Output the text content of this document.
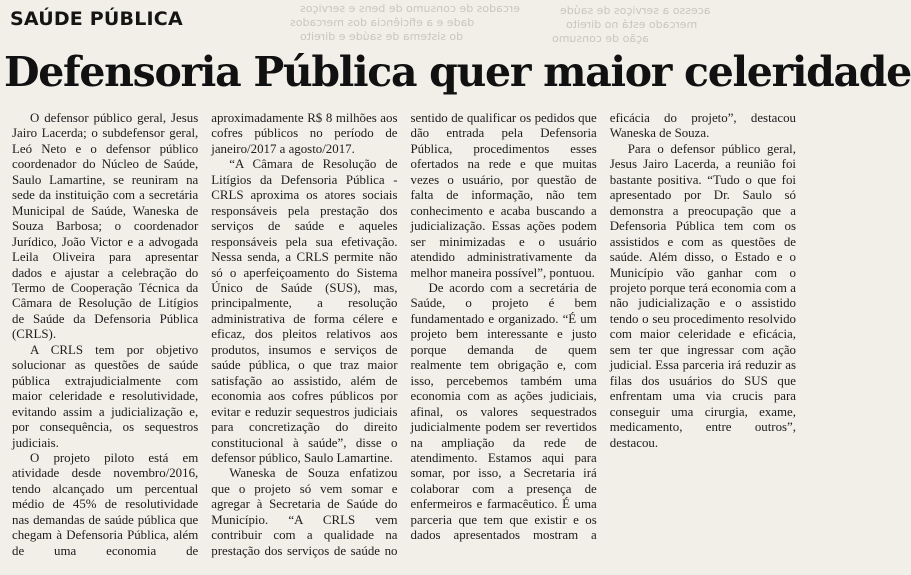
ercados de consumo de bens e serviços
dade e a eficiência dos mercados
do sistema de saúde e direito
acesso a serviços de saúde
mercado está no direito
ação de consumo
SAÚDE PÚBLICA
Defensoria Pública quer maior celeridade

O defensor público geral, Jesus Jairo Lacerda; o subdefensor geral, Leó Neto e o defensor público coordenador do Núcleo de Saúde, Saulo Lamartine, se reuniram na sede da instituição com a secretária Municipal de Saúde, Waneska de Souza Barbosa; o coordenador Jurídico, João Victor e a advogada Leila Oliveira para apresentar dados e ajustar a celebração do Termo de Cooperação Técnica da Câmara de Resolução de Litígios de Saúde da Defensoria Pública (CRLS).

A CRLS tem por objetivo solucionar as questões de saúde pública extrajudicialmente com maior celeridade e resolutividade, evitando assim a judicialização e, por consequência, os sequestros judiciais.

O projeto piloto está em atividade desde novembro/2016, tendo alcançado um percentual médio de 45% de resolutividade nas demandas de saúde pública que chegam à Defensoria Pública, além de uma economia de aproximadamente R$ 8 milhões aos cofres públicos no período de janeiro/2017 a agosto/2017.

“A Câmara de Resolução de Litígios da Defensoria Pública - CRLS aproxima os atores sociais responsáveis pela prestação dos serviços de saúde e aqueles responsáveis pela sua efetivação. Nessa senda, a CRLS permite não só o aperfeiçoamento do Sistema Único de Saúde (SUS), mas, principalmente, a resolução administrativa de forma célere e eficaz, dos pleitos relativos aos produtos, insumos e serviços de saúde pública, o que traz maior satisfação ao assistido, além de economia aos cofres públicos por evitar e reduzir sequestros judiciais para concretização do direito constitucional à saúde”, disse o defensor público, Saulo Lamartine.

Waneska de Souza enfatizou que o projeto só vem somar e agregar à Secretaria de Saúde do Município. “A CRLS vem contribuir com a qualidade na prestação dos serviços de saúde no sentido de qualificar os pedidos que dão entrada pela Defensoria Pública, procedimentos esses ofertados na rede e que muitas vezes o usuário, por questão de falta de informação, não tem conhecimento e acaba buscando a judicialização. Essas ações podem ser minimizadas e o usuário atendido administrativamente da melhor maneira possível”, pontuou.

De acordo com a secretária de Saúde, o projeto é bem fundamentado e organizado. “É um projeto bem interessante e justo porque demanda de quem realmente tem obrigação e, com isso, percebemos também uma economia com as ações judiciais, afinal, os valores sequestrados judicialmente podem ser revertidos na ampliação da rede de atendimento. Estamos aqui para somar, por isso, a Secretaria irá colaborar com a presença de enfermeiros e farmacêutico. É uma parceria que tem que existir e os dados apresentados mostram a eficácia do projeto”, destacou Waneska de Souza.

Para o defensor público geral, Jesus Jairo Lacerda, a reunião foi bastante positiva. “Tudo o que foi apresentado por Dr. Saulo só demonstra a preocupação que a Defensoria Pública tem com os assistidos e com as questões de saúde. Além disso, o Estado e o Município vão ganhar com o projeto porque terá economia com a não judicialização e o assistido tendo o seu procedimento resolvido com maior celeridade e eficácia, sem ter que ingressar com ação judicial. Essa parceria irá reduzir as filas dos usuários do SUS que enfrentam uma via crucis para conseguir uma cirurgia, exame, medicamento, entre outros”, destacou.
